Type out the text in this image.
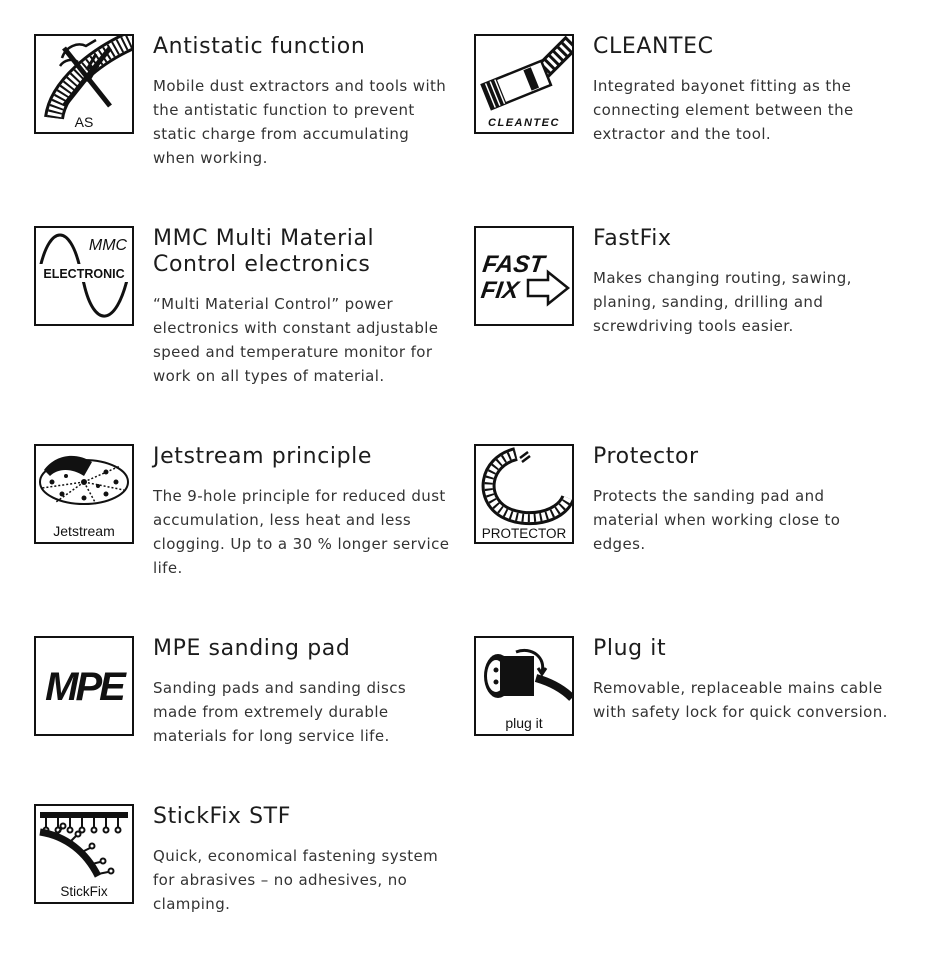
AS
Antistatic function

Mobile dust extractors and tools with the antistatic function to prevent static charge from accumulating when working.

CLEANTEC
CLEANTEC

Integrated bayonet fitting as the connecting element between the extractor and the tool.

MMC
ELECTRONIC
MMC Multi Material
Control electronics

“Multi Material Control” power electronics with constant adjustable speed and temperature monitor for work on all types of material.

FAST
FIX
FastFix

Makes changing routing, sawing, planing, sanding, drilling and screwdriving tools easier.

Jetstream
Jetstream principle

The 9-hole principle for reduced dust accumulation, less heat and less clogging. Up to a 30 % longer service life.

PROTECTOR
Protector

Protects the sanding pad and material when working close to edges.

MPE
MPE sanding pad

Sanding pads and sanding discs made from extremely durable materials for long service life.

plug it
Plug it

Removable, replaceable mains cable with safety lock for quick conversion.

StickFix
StickFix STF

Quick, economical fastening system for abrasives – no adhesives, no clamping.
